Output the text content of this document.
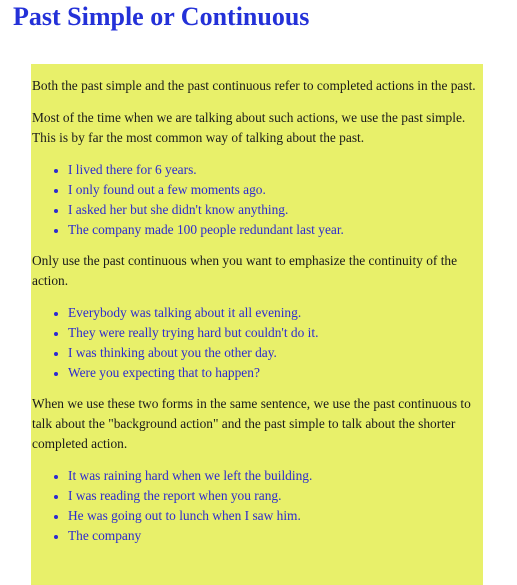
Past Simple or Continuous

Both the past simple and the past continuous refer to completed actions in the past.

Most of the time when we are talking about such actions, we use the past simple. This is by far the most common way of talking about the past.

• I lived there for 6 years.
• I only found out a few moments ago.
• I asked her but she didn't know anything.
• The company made 100 people redundant last year.

Only use the past continuous when you want to emphasize the continuity of the action.

• Everybody was talking about it all evening.
• They were really trying hard but couldn't do it.
• I was thinking about you the other day.
• Were you expecting that to happen?

When we use these two forms in the same sentence, we use the past continuous to talk about the "background action" and the past simple to talk about the shorter completed action.

• It was raining hard when we left the building.
• I was reading the report when you rang.
• He was going out to lunch when I saw him.
• The company
